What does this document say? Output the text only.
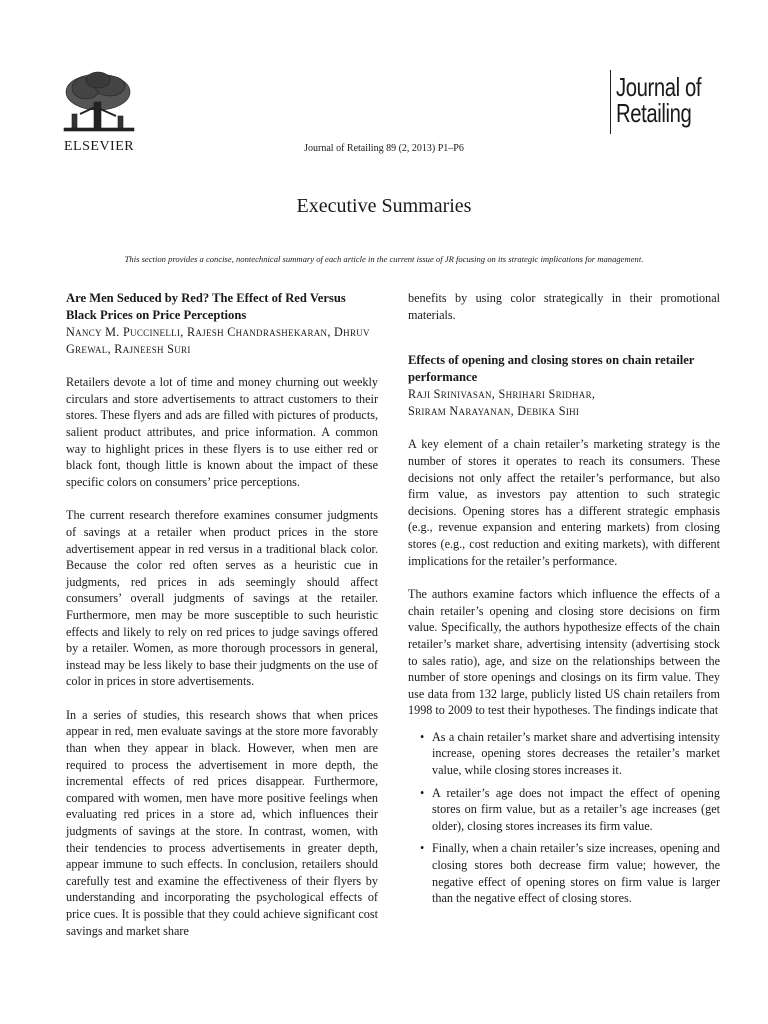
ELSEVIER	Journal of Retailing 89 (2, 2013) P1–P6
Journal of
Retailing
Executive Summaries
This section provides a concise, nontechnical summary of each article in the current issue of JR focusing on its strategic implications for management.
Are Men Seduced by Red? The Effect of Red Versus Black Prices on Price Perceptions
Nancy M. Puccinelli, Rajesh Chandrashekaran, Dhruv Grewal, Rajneesh Suri

Retailers devote a lot of time and money churning out weekly circulars and store advertisements to attract customers to their stores. These flyers and ads are filled with pictures of products, salient product attributes, and price information. A common way to highlight prices in these flyers is to use either red or black font, though little is known about the impact of these specific colors on consumers’ price perceptions.

The current research therefore examines consumer judgments of savings at a retailer when product prices in the store advertisement appear in red versus in a traditional black color. Because the color red often serves as a heuristic cue in judgments, red prices in ads seemingly should affect consumers’ overall judgments of savings at the retailer. Furthermore, men may be more susceptible to such heuristic effects and likely to rely on red prices to judge savings offered by a retailer. Women, as more thorough processors in general, instead may be less likely to base their judgments on the use of color in prices in store advertisements.

In a series of studies, this research shows that when prices appear in red, men evaluate savings at the store more favorably than when they appear in black. However, when men are required to process the advertisement in more depth, the incremental effects of red prices disappear. Furthermore, compared with women, men have more positive feelings when evaluating red prices in a store ad, which influences their judgments of savings at the store. In contrast, women, with their tendencies to process advertisements in greater depth, appear immune to such effects. In conclusion, retailers should carefully test and examine the effectiveness of their flyers by understanding and incorporating the psychological effects of price cues. It is possible that they could achieve significant cost savings and market share

benefits by using color strategically in their promotional materials.

Effects of opening and closing stores on chain retailer performance
Raji Srinivasan, Shrihari Sridhar,
Sriram Narayanan, Debika Sihi

A key element of a chain retailer’s marketing strategy is the number of stores it operates to reach its consumers. These decisions not only affect the retailer’s performance, but also firm value, as investors pay attention to such strategic decisions. Opening stores has a different strategic emphasis (e.g., revenue expansion and entering markets) from closing stores (e.g., cost reduction and exiting markets), with different implications for the retailer’s performance.

The authors examine factors which influence the effects of a chain retailer’s opening and closing store decisions on firm value. Specifically, the authors hypothesize effects of the chain retailer’s market share, advertising intensity (advertising stock to sales ratio), age, and size on the relationships between the number of store openings and closings on its firm value. They use data from 132 large, publicly listed US chain retailers from 1998 to 2009 to test their hypotheses. The findings indicate that

• As a chain retailer’s market share and advertising intensity increase, opening stores decreases the retailer’s market value, while closing stores increases it.
• A retailer’s age does not impact the effect of opening stores on firm value, but as a retailer’s age increases (get older), closing stores increases its firm value.
• Finally, when a chain retailer’s size increases, opening and closing stores both decrease firm value; however, the negative effect of opening stores on firm value is larger than the negative effect of closing stores.
